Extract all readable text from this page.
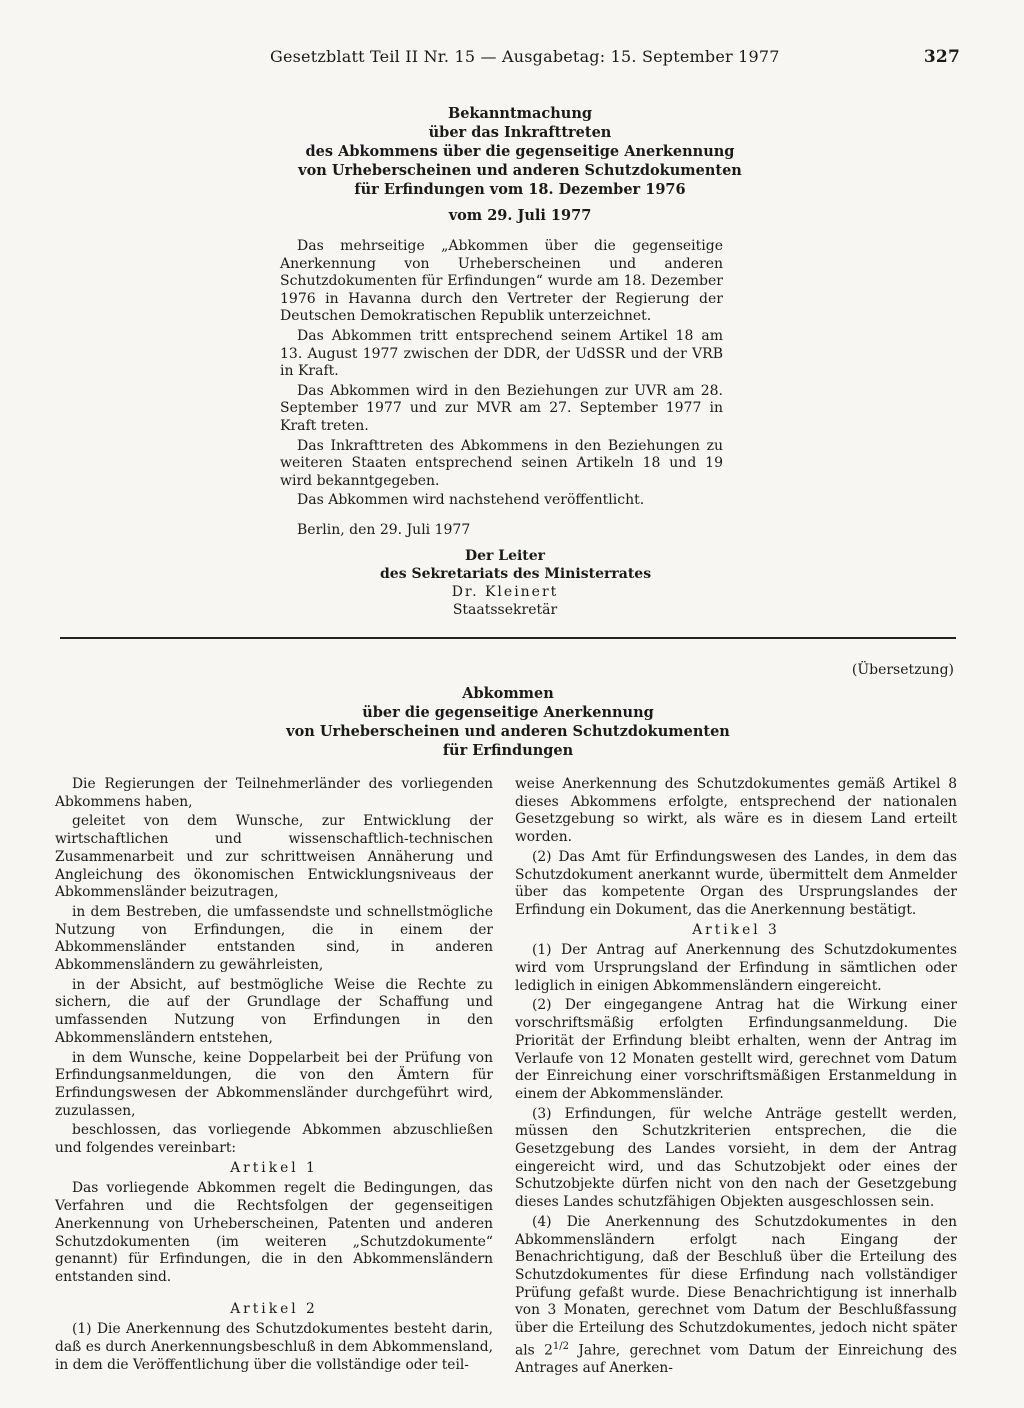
Gesetzblatt Teil II Nr. 15 — Ausgabetag: 15. September 1977	327
Bekanntmachung
über das Inkrafttreten
des Abkommens über die gegenseitige Anerkennung
von Urheberscheinen und anderen Schutzdokumenten
für Erfindungen vom 18. Dezember 1976
vom 29. Juli 1977

Das mehrseitige „Abkommen über die gegenseitige Anerkennung von Urheberscheinen und anderen Schutzdokumenten für Erfindungen“ wurde am 18. Dezember 1976 in Havanna durch den Vertreter der Regierung der Deutschen Demokratischen Republik unterzeichnet.

Das Abkommen tritt entsprechend seinem Artikel 18 am 13. August 1977 zwischen der DDR, der UdSSR und der VRB in Kraft.

Das Abkommen wird in den Beziehungen zur UVR am 28. September 1977 und zur MVR am 27. September 1977 in Kraft treten.

Das Inkrafttreten des Abkommens in den Beziehungen zu weiteren Staaten entsprechend seinen Artikeln 18 und 19 wird bekanntgegeben.

Das Abkommen wird nachstehend veröffentlicht.

Berlin, den 29. Juli 1977

Der Leiter
des Sekretariats des Ministerrates
Dr. Kleinert
Staatssekretär
(Übersetzung)
Abkommen
über die gegenseitige Anerkennung
von Urheberscheinen und anderen Schutzdokumenten
für Erfindungen

Die Regierungen der Teilnehmerländer des vorliegenden Abkommens haben,

geleitet von dem Wunsche, zur Entwicklung der wirtschaftlichen und wissenschaftlich-technischen Zusammenarbeit und zur schrittweisen Annäherung und Angleichung des ökonomischen Entwicklungsniveaus der Abkommensländer beizutragen,

in dem Bestreben, die umfassendste und schnellstmögliche Nutzung von Erfindungen, die in einem der Abkommensländer entstanden sind, in anderen Abkommensländern zu gewährleisten,

in der Absicht, auf bestmögliche Weise die Rechte zu sichern, die auf der Grundlage der Schaffung und umfassenden Nutzung von Erfindungen in den Abkommensländern entstehen,

in dem Wunsche, keine Doppelarbeit bei der Prüfung von Erfindungsanmeldungen, die von den Ämtern für Erfindungswesen der Abkommensländer durchgeführt wird, zuzulassen,

beschlossen, das vorliegende Abkommen abzuschließen und folgendes vereinbart:

Artikel 1

Das vorliegende Abkommen regelt die Bedingungen, das Verfahren und die Rechtsfolgen der gegenseitigen Anerkennung von Urheberscheinen, Patenten und anderen Schutzdokumenten (im weiteren „Schutzdokumente“ genannt) für Erfindungen, die in den Abkommensländern entstanden sind.

Artikel 2

(1) Die Anerkennung des Schutzdokumentes besteht darin, daß es durch Anerkennungsbeschluß in dem Abkommensland, in dem die Veröffentlichung über die vollständige oder teil-

weise Anerkennung des Schutzdokumentes gemäß Artikel 8 dieses Abkommens erfolgte, entsprechend der nationalen Gesetzgebung so wirkt, als wäre es in diesem Land erteilt worden.

(2) Das Amt für Erfindungswesen des Landes, in dem das Schutzdokument anerkannt wurde, übermittelt dem Anmelder über das kompetente Organ des Ursprungslandes der Erfindung ein Dokument, das die Anerkennung bestätigt.

Artikel 3

(1) Der Antrag auf Anerkennung des Schutzdokumentes wird vom Ursprungsland der Erfindung in sämtlichen oder lediglich in einigen Abkommensländern eingereicht.

(2) Der eingegangene Antrag hat die Wirkung einer vorschriftsmäßig erfolgten Erfindungsanmeldung. Die Priorität der Erfindung bleibt erhalten, wenn der Antrag im Verlaufe von 12 Monaten gestellt wird, gerechnet vom Datum der Einreichung einer vorschriftsmäßigen Erstanmeldung in einem der Abkommensländer.

(3) Erfindungen, für welche Anträge gestellt werden, müssen den Schutzkriterien entsprechen, die die Gesetzgebung des Landes vorsieht, in dem der Antrag eingereicht wird, und das Schutzobjekt oder eines der Schutzobjekte dürfen nicht von den nach der Gesetzgebung dieses Landes schutzfähigen Objekten ausgeschlossen sein.

(4) Die Anerkennung des Schutzdokumentes in den Abkommensländern erfolgt nach Eingang der Benachrichtigung, daß der Beschluß über die Erteilung des Schutzdokumentes für diese Erfindung nach vollständiger Prüfung gefaßt wurde. Diese Benachrichtigung ist innerhalb von 3 Monaten, gerechnet vom Datum der Beschlußfassung über die Erteilung des Schutzdokumentes, jedoch nicht später als $2^{1/2}$ Jahre, gerechnet vom Datum der Einreichung des Antrages auf Anerken-
